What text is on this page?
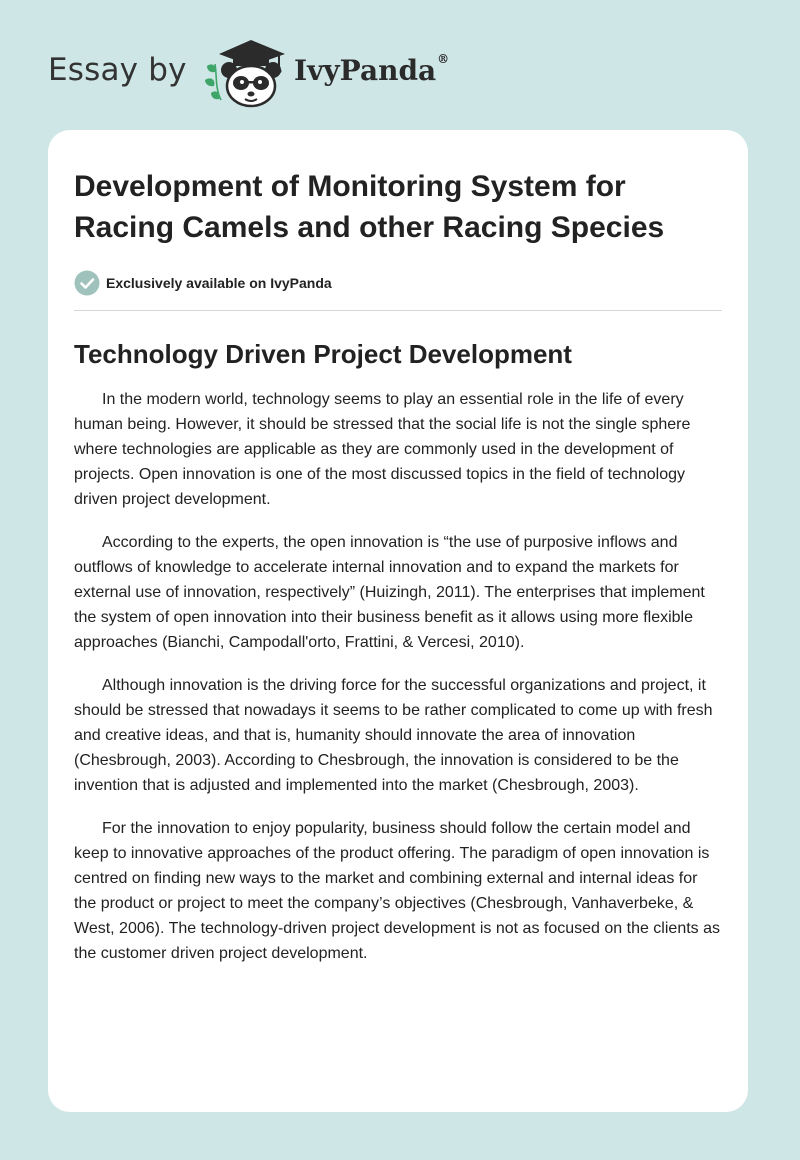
Essay by	IvyPanda®
Development of Monitoring System for Racing Camels and other Racing Species
Exclusively available on IvyPanda
Technology Driven Project Development

In the modern world, technology seems to play an essential role in the life of every human being. However, it should be stressed that the social life is not the single sphere where technologies are applicable as they are commonly used in the development of projects. Open innovation is one of the most discussed topics in the field of technology driven project development.

According to the experts, the open innovation is “the use of purposive inflows and outflows of knowledge to accelerate internal innovation and to expand the markets for external use of innovation, respectively” (Huizingh, 2011). The enterprises that implement the system of open innovation into their business benefit as it allows using more flexible approaches (Bianchi, Campodall'orto, Frattini, & Vercesi, 2010).

Although innovation is the driving force for the successful organizations and project, it should be stressed that nowadays it seems to be rather complicated to come up with fresh and creative ideas, and that is, humanity should innovate the area of innovation (Chesbrough, 2003). According to Chesbrough, the innovation is considered to be the invention that is adjusted and implemented into the market (Chesbrough, 2003).

For the innovation to enjoy popularity, business should follow the certain model and keep to innovative approaches of the product offering. The paradigm of open innovation is centred on finding new ways to the market and combining external and internal ideas for the product or project to meet the company’s objectives (Chesbrough, Vanhaverbeke, & West, 2006). The technology-driven project development is not as focused on the clients as the customer driven project development.
